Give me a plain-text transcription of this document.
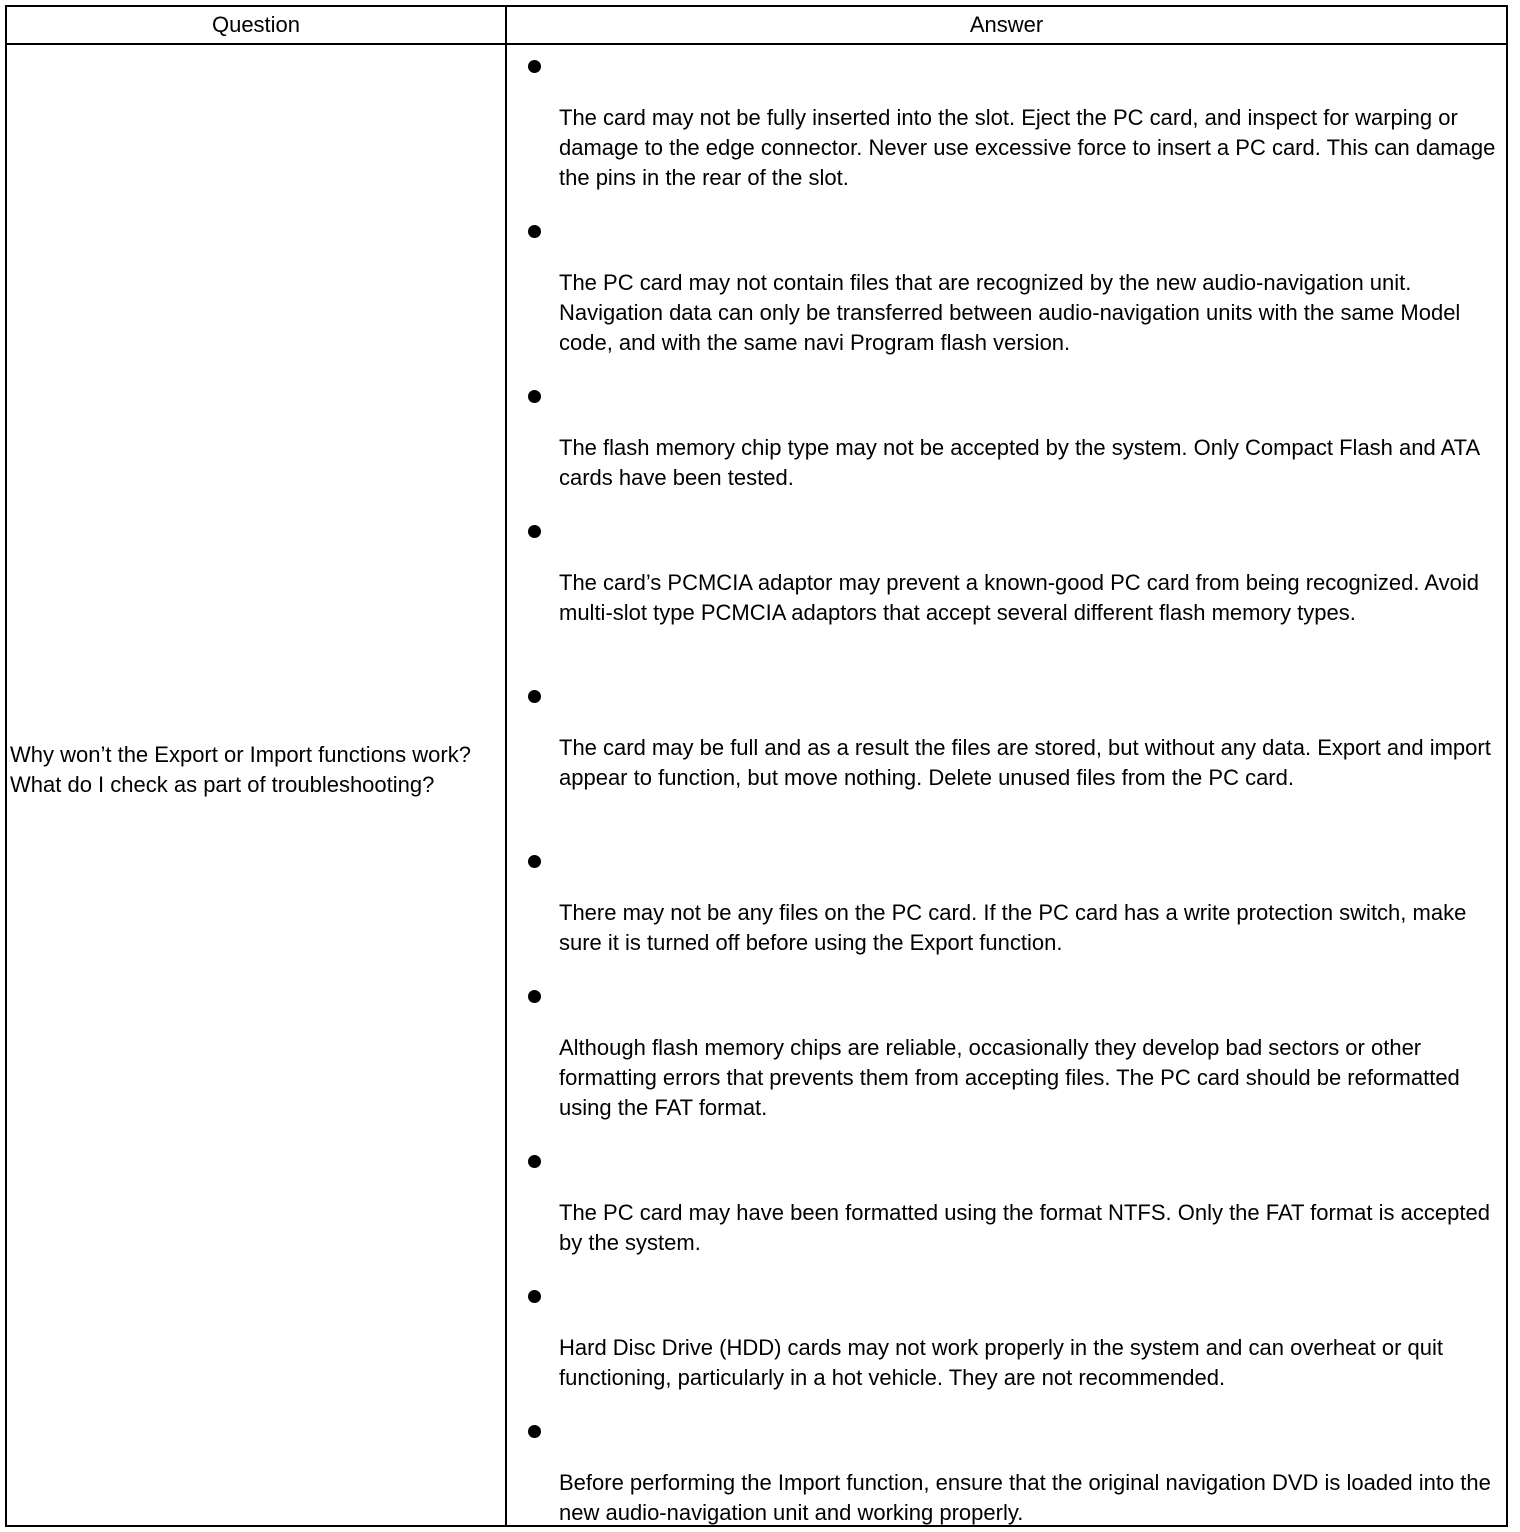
Question	Answer
Why won’t the Export or Import functions work? What do I check as part of troubleshooting?
The card may not be fully inserted into the slot. Eject the PC card, and inspect for warping or damage to the edge connector. Never use excessive force to insert a PC card. This can damage the pins in the rear of the slot.
The PC card may not contain files that are recognized by the new audio-navigation unit. Navigation data can only be transferred between audio-navigation units with the same Model code, and with the same navi Program flash version.
The flash memory chip type may not be accepted by the system. Only Compact Flash and ATA cards have been tested.
The card’s PCMCIA adaptor may prevent a known-good PC card from being recognized. Avoid multi-slot type PCMCIA adaptors that accept several different flash memory types.
The card may be full and as a result the files are stored, but without any data. Export and import appear to function, but move nothing. Delete unused files from the PC card.
There may not be any files on the PC card. If the PC card has a write protection switch, make sure it is turned off before using the Export function.
Although flash memory chips are reliable, occasionally they develop bad sectors or other formatting errors that prevents them from accepting files. The PC card should be reformatted using the FAT format.
The PC card may have been formatted using the format NTFS. Only the FAT format is accepted by the system.
Hard Disc Drive (HDD) cards may not work properly in the system and can overheat or quit functioning, particularly in a hot vehicle. They are not recommended.
Before performing the Import function, ensure that the original navigation DVD is loaded into the new audio-navigation unit and working properly.
